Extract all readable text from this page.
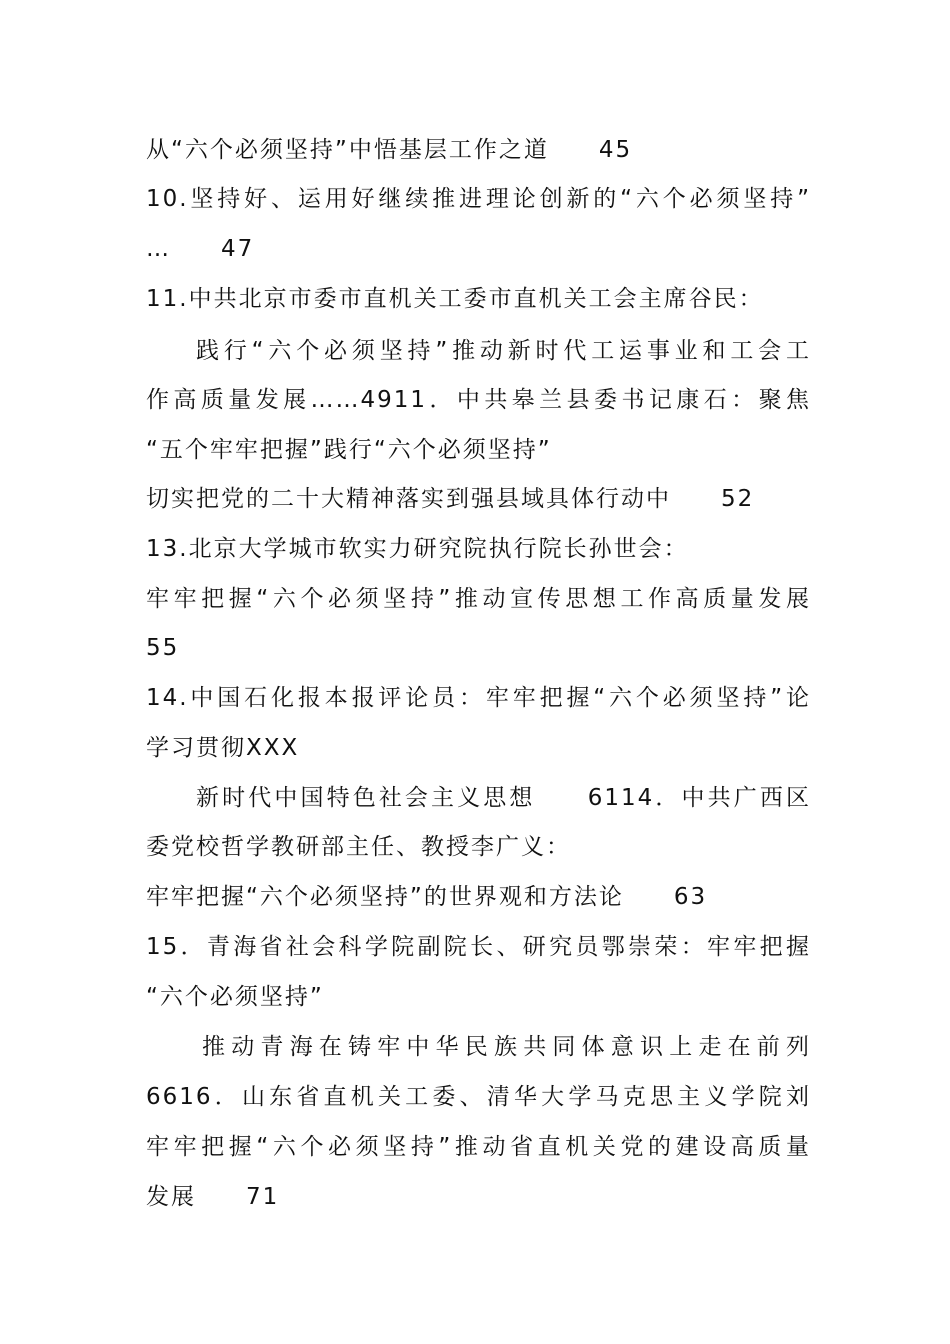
从“六个必须坚持”中悟基层工作之道　　45
10.坚持好、运用好继续推进理论创新的“六个必须坚持”
…　　47
11.中共北京市委市直机关工委市直机关工会主席谷民：
践行“六个必须坚持”推动新时代工运事业和工会工
作高质量发展……4911．中共皋兰县委书记康石：聚焦
“五个牢牢把握”践行“六个必须坚持”
切实把党的二十大精神落实到强县域具体行动中　　52
13.北京大学城市软实力研究院执行院长孙世会：
牢牢把握“六个必须坚持”推动宣传思想工作高质量发展
55
14.中国石化报本报评论员：牢牢把握“六个必须坚持”论
学习贯彻XXX
新时代中国特色社会主义思想　　6114．中共广西区
委党校哲学教研部主任、教授李广义：
牢牢把握“六个必须坚持”的世界观和方法论　　63
15．青海省社会科学院副院长、研究员鄂崇荣：牢牢把握
“六个必须坚持”
推动青海在铸牢中华民族共同体意识上走在前列
6616．山东省直机关工委、清华大学马克思主义学院刘
牢牢把握“六个必须坚持”推动省直机关党的建设高质量
发展　　71
